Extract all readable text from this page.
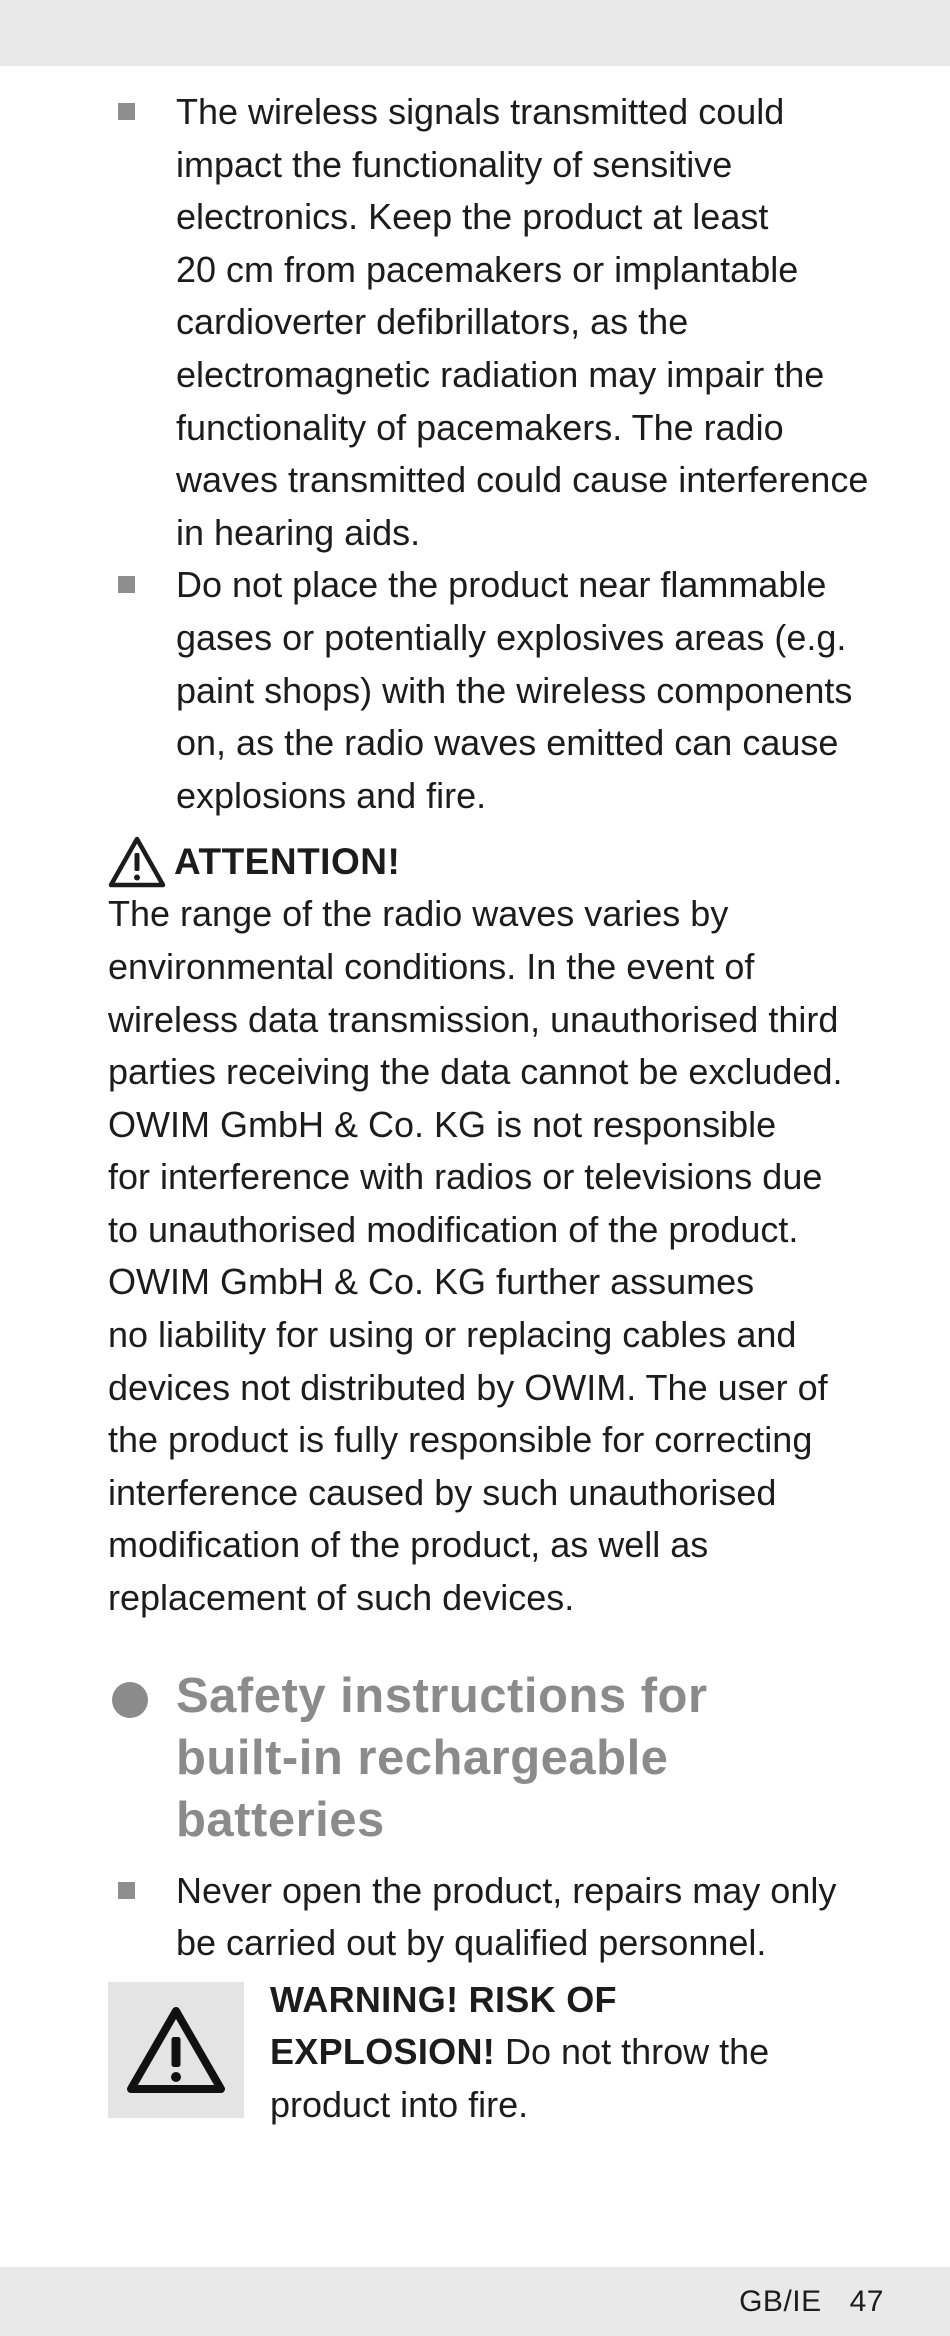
The wireless signals transmitted could
impact the functionality of sensitive
electronics. Keep the product at least
20 cm from pacemakers or implantable
cardioverter defibrillators, as the
electromagnetic radiation may impair the
functionality of pacemakers. The radio
waves transmitted could cause interference
in hearing aids.
Do not place the product near flammable
gases or potentially explosives areas (e.g.
paint shops) with the wireless components
on, as the radio waves emitted can cause
explosions and fire.
ATTENTION!
The range of the radio waves varies by
environmental conditions. In the event of
wireless data transmission, unauthorised third
parties receiving the data cannot be excluded.
OWIM GmbH & Co. KG is not responsible
for interference with radios or televisions due
to unauthorised modification of the product.
OWIM GmbH & Co. KG further assumes
no liability for using or replacing cables and
devices not distributed by OWIM. The user of
the product is fully responsible for correcting
interference caused by such unauthorised
modification of the product, as well as
replacement of such devices.
Safety instructions for
built-in rechargeable
batteries
Never open the product, repairs may only
be carried out by qualified personnel.
WARNING! RISK OF
EXPLOSION! Do not throw the
product into fire.
GB/IE 47
